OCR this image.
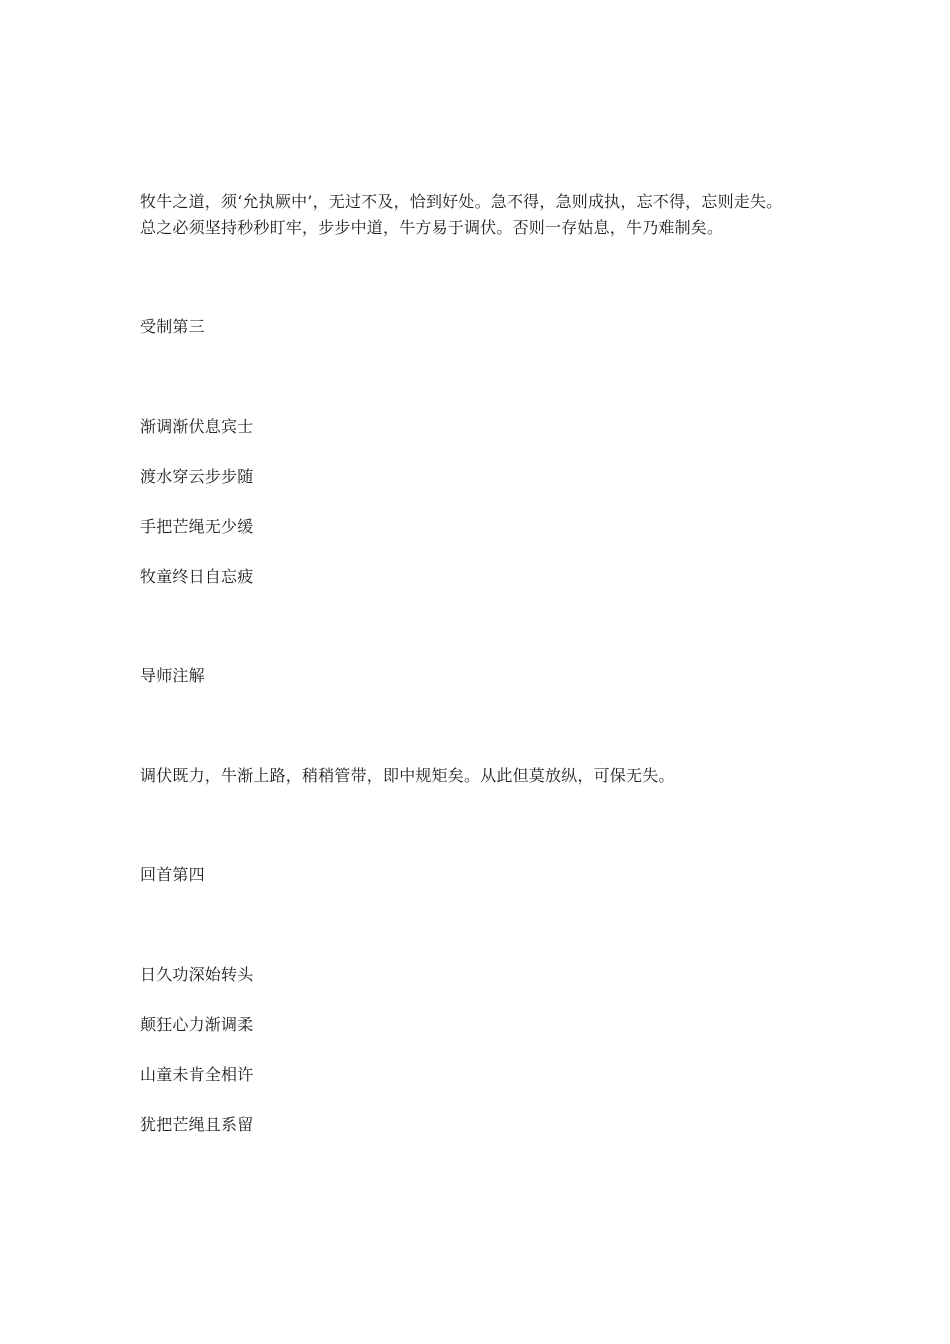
牧牛之道，须‘允执厥中’，无过不及，恰到好处。急不得，急则成执，忘不得，忘则走失。

总之必须坚持秒秒盯牢，步步中道，牛方易于调伏。否则一存姑息，牛乃难制矣。

受制第三

渐调渐伏息宾士

渡水穿云步步随

手把芒绳无少缓

牧童终日自忘疲

导师注解

调伏既力，牛渐上路，稍稍管带，即中规矩矣。从此但莫放纵，可保无失。

回首第四

日久功深始转头

颠狂心力渐调柔

山童未肯全相许

犹把芒绳且系留
